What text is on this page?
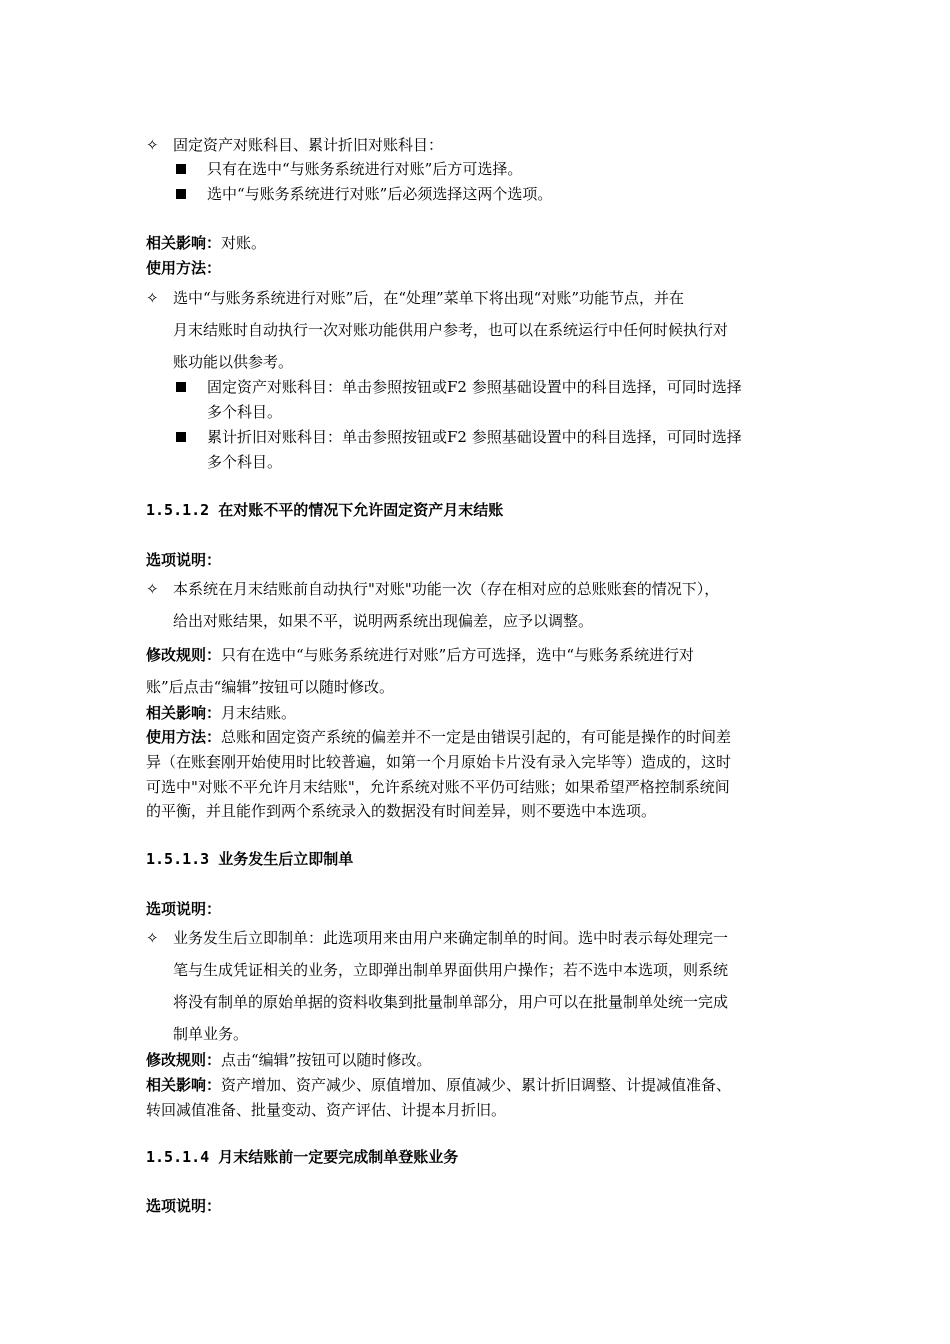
✧ 固定资产对账科目、累计折旧对账科目：
只有在选中“与账务系统进行对账”后方可选择。
选中“与账务系统进行对账”后必须选择这两个选项。
相关影响：对账。
使用方法：
✧ 选中“与账务系统进行对账”后，在“处理”菜单下将出现“对账”功能节点，并在
月末结账时自动执行一次对账功能供用户参考，也可以在系统运行中任何时候执行对
账功能以供参考。
固定资产对账科目：单击参照按钮或F2 参照基础设置中的科目选择，可同时选择
多个科目。
累计折旧对账科目：单击参照按钮或F2 参照基础设置中的科目选择，可同时选择
多个科目。
1.5.1.2 在对账不平的情况下允许固定资产月末结账
选项说明：
✧ 本系统在月末结账前自动执行"对账"功能一次（存在相对应的总账账套的情况下），
给出对账结果，如果不平，说明两系统出现偏差，应予以调整。
修改规则：只有在选中“与账务系统进行对账”后方可选择，选中“与账务系统进行对
账”后点击“编辑”按钮可以随时修改。
相关影响：月末结账。
使用方法：总账和固定资产系统的偏差并不一定是由错误引起的，有可能是操作的时间差
异（在账套刚开始使用时比较普遍，如第一个月原始卡片没有录入完毕等）造成的，这时
可选中"对账不平允许月末结账"，允许系统对账不平仍可结账；如果希望严格控制系统间
的平衡，并且能作到两个系统录入的数据没有时间差异，则不要选中本选项。
1.5.1.3 业务发生后立即制单
选项说明：
✧ 业务发生后立即制单：此选项用来由用户来确定制单的时间。选中时表示每处理完一
笔与生成凭证相关的业务，立即弹出制单界面供用户操作；若不选中本选项，则系统
将没有制单的原始单据的资料收集到批量制单部分，用户可以在批量制单处统一完成
制单业务。
修改规则：点击“编辑”按钮可以随时修改。
相关影响：资产增加、资产减少、原值增加、原值减少、累计折旧调整、计提减值准备、
转回减值准备、批量变动、资产评估、计提本月折旧。
1.5.1.4 月末结账前一定要完成制单登账业务
选项说明：
